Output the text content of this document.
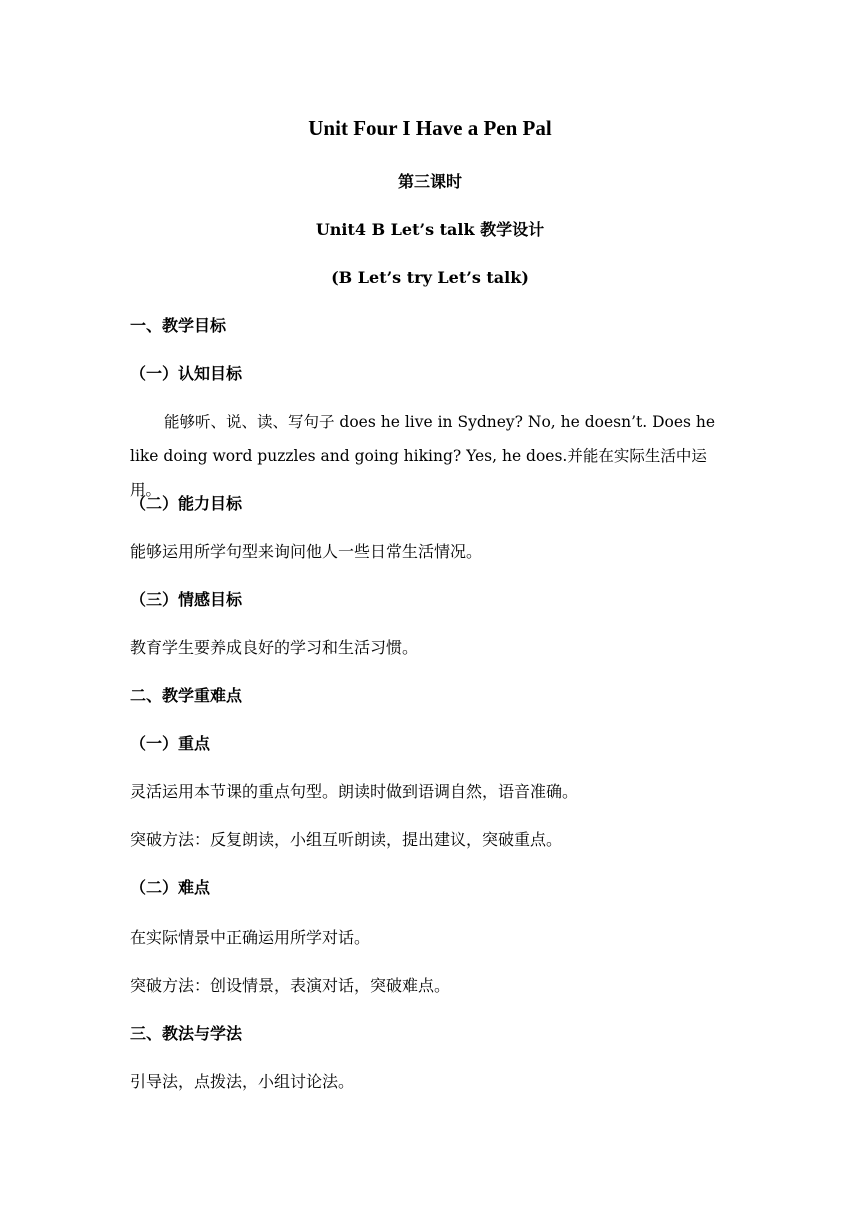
Unit Four I Have a Pen Pal
第三课时
Unit4 B Let’s talk 教学设计
(B Let’s try Let’s talk)
一、教学目标
（一）认知目标
能够听、说、读、写句子 does he live in Sydney? No, he doesn’t. Does he like doing word puzzles and going hiking? Yes, he does.并能在实际生活中运用。
（二）能力目标
能够运用所学句型来询问他人一些日常生活情况。
（三）情感目标
教育学生要养成良好的学习和生活习惯。
二、教学重难点
（一）重点
灵活运用本节课的重点句型。朗读时做到语调自然，语音准确。
突破方法：反复朗读，小组互听朗读，提出建议，突破重点。
（二）难点
在实际情景中正确运用所学对话。
突破方法：创设情景，表演对话，突破难点。
三、教法与学法
引导法，点拨法，小组讨论法。
